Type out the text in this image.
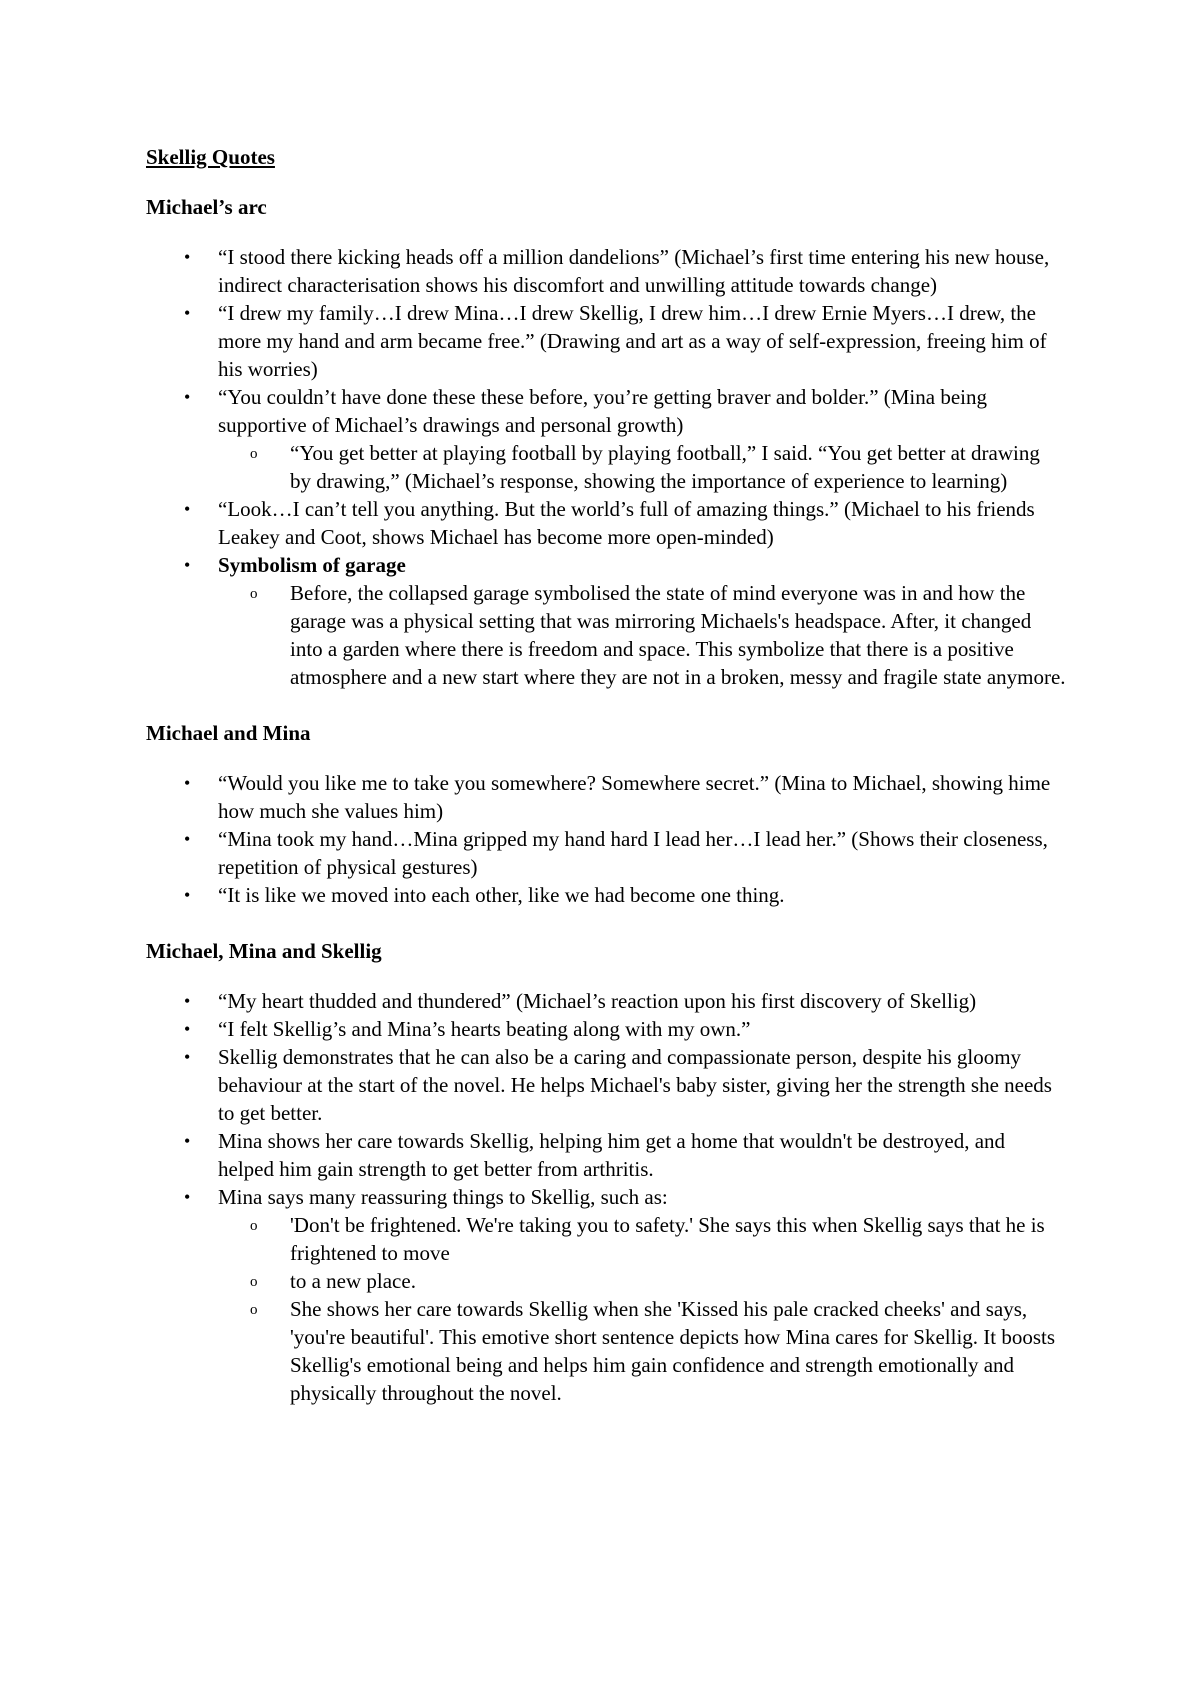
Skellig Quotes
Michael’s arc
• “I stood there kicking heads off a million dandelions” (Michael’s first time entering his new house, indirect characterisation shows his discomfort and unwilling attitude towards change)
• “I drew my family…I drew Mina…I drew Skellig, I drew him…I drew Ernie Myers…I drew, the more my hand and arm became free.” (Drawing and art as a way of self-expression, freeing him of his worries)
• “You couldn’t have done these these before, you’re getting braver and bolder.” (Mina being supportive of Michael’s drawings and personal growth)
o “You get better at playing football by playing football,” I said. “You get better at drawing by drawing,” (Michael’s response, showing the importance of experience to learning)
• “Look…I can’t tell you anything. But the world’s full of amazing things.” (Michael to his friends Leakey and Coot, shows Michael has become more open-minded)
• Symbolism of garage
o Before, the collapsed garage symbolised the state of mind everyone was in and how the garage was a physical setting that was mirroring Michaels's headspace. After, it changed into a garden where there is freedom and space. This symbolize that there is a positive atmosphere and a new start where they are not in a broken, messy and fragile state anymore.
Michael and Mina
• “Would you like me to take you somewhere? Somewhere secret.” (Mina to Michael, showing hime how much she values him)
• “Mina took my hand…Mina gripped my hand hard I lead her…I lead her.” (Shows their closeness, repetition of physical gestures)
• “It is like we moved into each other, like we had become one thing.
Michael, Mina and Skellig
• “My heart thudded and thundered” (Michael’s reaction upon his first discovery of Skellig)
• “I felt Skellig’s and Mina’s hearts beating along with my own.”
• Skellig demonstrates that he can also be a caring and compassionate person, despite his gloomy behaviour at the start of the novel. He helps Michael's baby sister, giving her the strength she needs to get better.
• Mina shows her care towards Skellig, helping him get a home that wouldn't be destroyed, and helped him gain strength to get better from arthritis.
• Mina says many reassuring things to Skellig, such as:
o 'Don't be frightened. We're taking you to safety.' She says this when Skellig says that he is frightened to move
o to a new place.
o She shows her care towards Skellig when she 'Kissed his pale cracked cheeks' and says, 'you're beautiful'. This emotive short sentence depicts how Mina cares for Skellig. It boosts Skellig's emotional being and helps him gain confidence and strength emotionally and physically throughout the novel.
